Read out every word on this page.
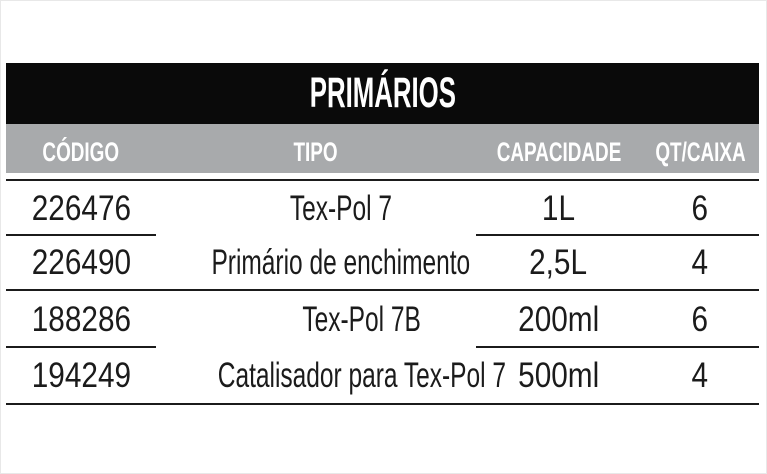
PRIMÁRIOS
CÓDIGO	TIPO	CAPACIDADE QT/CAIXA
226476
226490
Tex-Pol 7
Primário de enchimento
1L
2,5L
6
4
188286
194249
Tex-Pol 7B
Catalisador para Tex-Pol 7
200ml
500ml
6
4
